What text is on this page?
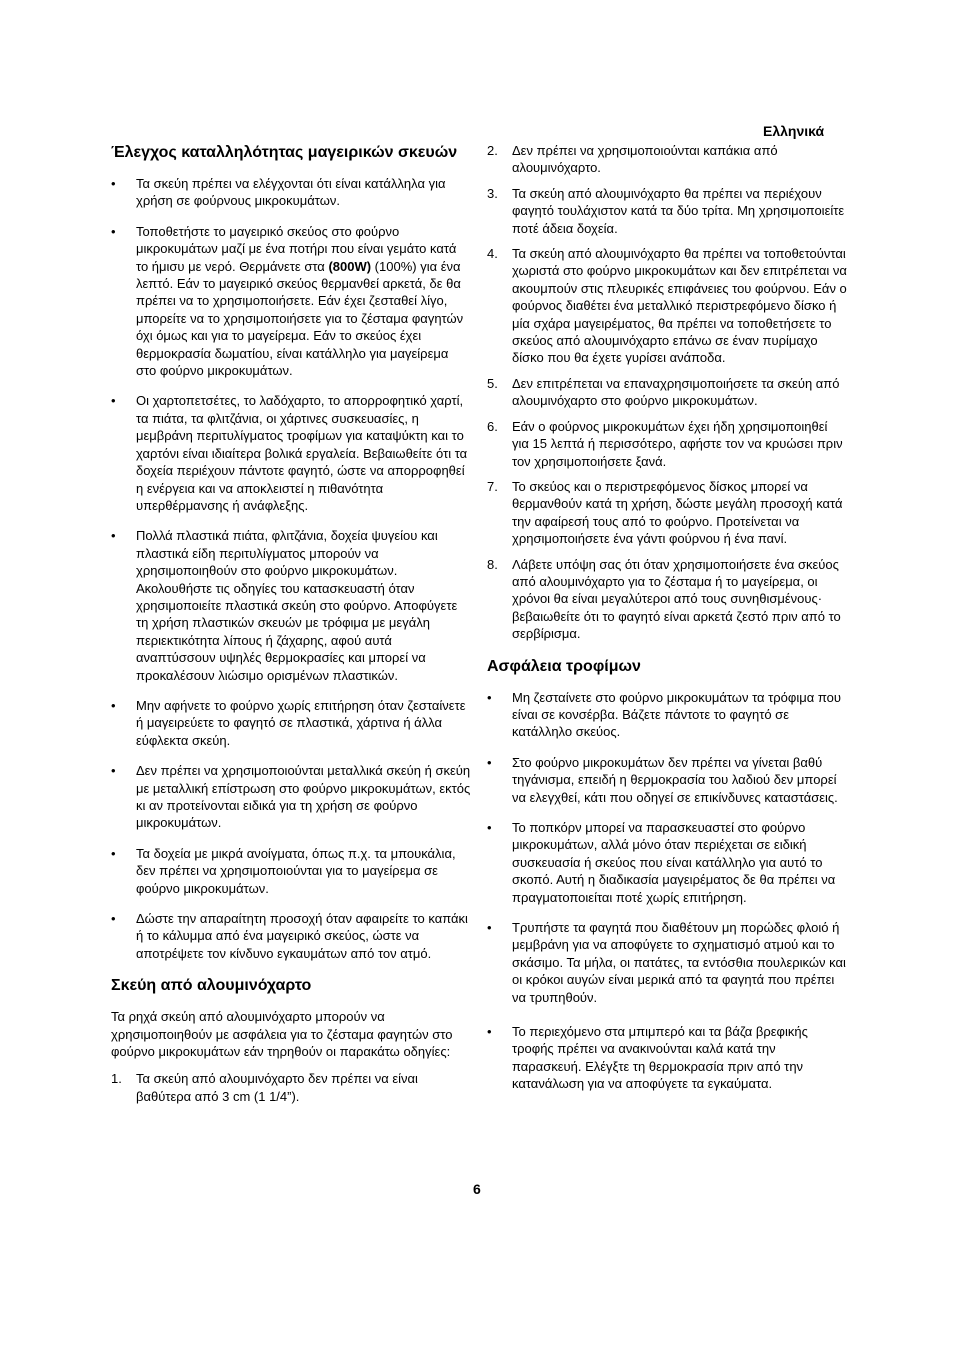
Ελληνικά
Έλεγχος καταλληλότητας μαγειρικών σκευών
• Τα σκεύη πρέπει να ελέγχονται ότι είναι κατάλληλα για χρήση σε φούρνους μικροκυμάτων.
• Τοποθετήστε το μαγειρικό σκεύος στο φούρνο μικροκυμάτων μαζί με ένα ποτήρι που είναι γεμάτο κατά το ήμισυ με νερό. Θερμάνετε στα (800W) (100%) για ένα λεπτό. Εάν το μαγειρικό σκεύος θερμανθεί αρκετά, δε θα πρέπει να το χρησιμοποιήσετε. Εάν έχει ζεσταθεί λίγο, μπορείτε να το χρησιμοποιήσετε για το ζέσταμα φαγητών όχι όμως και για το μαγείρεμα. Εάν το σκεύος έχει θερμοκρασία δωματίου, είναι κατάλληλο για μαγείρεμα στο φούρνο μικροκυμάτων.
• Οι χαρτοπετσέτες, το λαδόχαρτο, το απορροφητικό χαρτί, τα πιάτα, τα φλιτζάνια, οι χάρτινες συσκευασίες, η μεμβράνη περιτυλίγματος τροφίμων για καταψύκτη και το χαρτόνι είναι ιδιαίτερα βολικά εργαλεία. Βεβαιωθείτε ότι τα δοχεία περιέχουν πάντοτε φαγητό, ώστε να απορροφηθεί η ενέργεια και να αποκλειστεί η πιθανότητα υπερθέρμανσης ή ανάφλεξης.
• Πολλά πλαστικά πιάτα, φλιτζάνια, δοχεία ψυγείου και πλαστικά είδη περιτυλίγματος μπορούν να χρησιμοποιηθούν στο φούρνο μικροκυμάτων. Ακολουθήστε τις οδηγίες του κατασκευαστή όταν χρησιμοποιείτε πλαστικά σκεύη στο φούρνο. Αποφύγετε τη χρήση πλαστικών σκευών με τρόφιμα με μεγάλη περιεκτικότητα λίπους ή ζάχαρης, αφού αυτά αναπτύσσουν υψηλές θερμοκρασίες και μπορεί να προκαλέσουν λιώσιμο ορισμένων πλαστικών.
• Μην αφήνετε το φούρνο χωρίς επιτήρηση όταν ζεσταίνετε ή μαγειρεύετε το φαγητό σε πλαστικά, χάρτινα ή άλλα εύφλεκτα σκεύη.
• Δεν πρέπει να χρησιμοποιούνται μεταλλικά σκεύη ή σκεύη με μεταλλική επίστρωση στο φούρνο μικροκυμάτων, εκτός κι αν προτείνονται ειδικά για τη χρήση σε φούρνο μικροκυμάτων.
• Τα δοχεία με μικρά ανοίγματα, όπως π.χ. τα μπουκάλια, δεν πρέπει να χρησιμοποιούνται για το μαγείρεμα σε φούρνο μικροκυμάτων.
• Δώστε την απαραίτητη προσοχή όταν αφαιρείτε το καπάκι ή το κάλυμμα από ένα μαγειρικό σκεύος, ώστε να αποτρέψετε τον κίνδυνο εγκαυμάτων από τον ατμό.
Σκεύη από αλουμινόχαρτο

Τα ρηχά σκεύη από αλουμινόχαρτο μπορούν να χρησιμοποιηθούν με ασφάλεια για το ζέσταμα φαγητών στο φούρνο μικροκυμάτων εάν τηρηθούν οι παρακάτω οδηγίες:

1. Τα σκεύη από αλουμινόχαρτο δεν πρέπει να είναι βαθύτερα από 3 cm (1 1/4”).
2. Δεν πρέπει να χρησιμοποιούνται καπάκια από αλουμινόχαρτο.
3. Τα σκεύη από αλουμινόχαρτο θα πρέπει να περιέχουν φαγητό τουλάχιστον κατά τα δύο τρίτα. Μη χρησιμοποιείτε ποτέ άδεια δοχεία.
4. Τα σκεύη από αλουμινόχαρτο θα πρέπει να τοποθετούνται χωριστά στο φούρνο μικροκυμάτων και δεν επιτρέπεται να ακουμπούν στις πλευρικές επιφάνειες του φούρνου. Εάν ο φούρνος διαθέτει ένα μεταλλικό περιστρεφόμενο δίσκο ή μία σχάρα μαγειρέματος, θα πρέπει να τοποθετήσετε το σκεύος από αλουμινόχαρτο επάνω σε έναν πυρίμαχο δίσκο που θα έχετε γυρίσει ανάποδα.
5. Δεν επιτρέπεται να επαναχρησιμοποιήσετε τα σκεύη από αλουμινόχαρτο στο φούρνο μικροκυμάτων.
6. Εάν ο φούρνος μικροκυμάτων έχει ήδη χρησιμοποιηθεί για 15 λεπτά ή περισσότερο, αφήστε τον να κρυώσει πριν τον χρησιμοποιήσετε ξανά.
7. Το σκεύος και ο περιστρεφόμενος δίσκος μπορεί να θερμανθούν κατά τη χρήση, δώστε μεγάλη προσοχή κατά την αφαίρεσή τους από το φούρνο. Προτείνεται να χρησιμοποιήσετε ένα γάντι φούρνου ή ένα πανί.
8. Λάβετε υπόψη σας ότι όταν χρησιμοποιήσετε ένα σκεύος από αλουμινόχαρτο για το ζέσταμα ή το μαγείρεμα, οι χρόνοι θα είναι μεγαλύτεροι από τους συνηθισμένους· βεβαιωθείτε ότι το φαγητό είναι αρκετά ζεστό πριν από το σερβίρισμα.
Ασφάλεια τροφίμων
• Μη ζεσταίνετε στο φούρνο μικροκυμάτων τα τρόφιμα που είναι σε κονσέρβα. Βάζετε πάντοτε το φαγητό σε κατάλληλο σκεύος.
• Στο φούρνο μικροκυμάτων δεν πρέπει να γίνεται βαθύ τηγάνισμα, επειδή η θερμοκρασία του λαδιού δεν μπορεί να ελεγχθεί, κάτι που οδηγεί σε επικίνδυνες καταστάσεις.
• Το ποπκόρν μπορεί να παρασκευαστεί στο φούρνο μικροκυμάτων, αλλά μόνο όταν περιέχεται σε ειδική συσκευασία ή σκεύος που είναι κατάλληλο για αυτό το σκοπό. Αυτή η διαδικασία μαγειρέματος δε θα πρέπει να πραγματοποιείται ποτέ χωρίς επιτήρηση.
• Τρυπήστε τα φαγητά που διαθέτουν μη πορώδες φλοιό ή μεμβράνη για να αποφύγετε το σχηματισμό ατμού και το σκάσιμο. Τα μήλα, οι πατάτες, τα εντόσθια πουλερικών και οι κρόκοι αυγών είναι μερικά από τα φαγητά που πρέπει να τρυπηθούν.
• Το περιεχόμενο στα μπιμπερό και τα βάζα βρεφικής τροφής πρέπει να ανακινούνται καλά κατά την παρασκευή. Ελέγξτε τη θερμοκρασία πριν από την κατανάλωση για να αποφύγετε τα εγκαύματα.
6
